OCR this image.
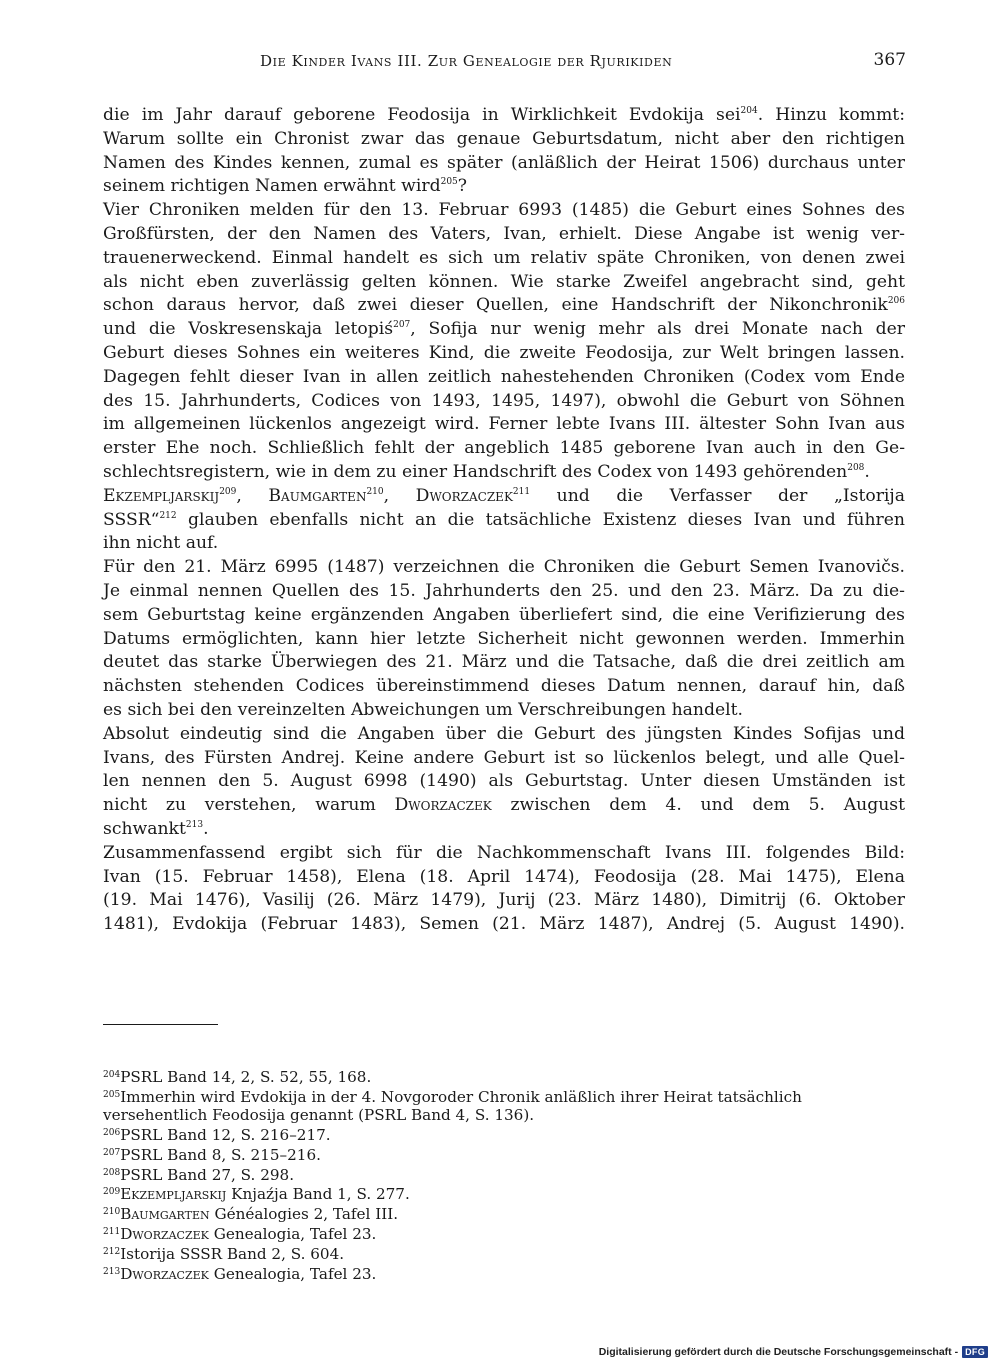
Die Kinder Ivans III. Zur Genealogie der Rjurikiden	367
die im Jahr darauf geborene Feodosija in Wirklichkeit Evdokija sei$^{204}$. Hinzu kommt:
Warum sollte ein Chronist zwar das genaue Geburtsdatum, nicht aber den richtigen
Namen des Kindes kennen, zumal es später (anläßlich der Heirat 1506) durchaus unter
seinem richtigen Namen erwähnt wird$^{205}$?
Vier Chroniken melden für den 13. Februar 6993 (1485) die Geburt eines Sohnes des
Großfürsten, der den Namen des Vaters, Ivan, erhielt. Diese Angabe ist wenig ver-
trauenerweckend. Einmal handelt es sich um relativ späte Chroniken, von denen zwei
als nicht eben zuverlässig gelten können. Wie starke Zweifel angebracht sind, geht
schon daraus hervor, daß zwei dieser Quellen, eine Handschrift der Nikonchronik$^{206}$
und die Voskresenskaja letopiś$^{207}$, Sofija nur wenig mehr als drei Monate nach der
Geburt dieses Sohnes ein weiteres Kind, die zweite Feodosija, zur Welt bringen lassen.
Dagegen fehlt dieser Ivan in allen zeitlich nahestehenden Chroniken (Codex vom Ende
des 15. Jahrhunderts, Codices von 1493, 1495, 1497), obwohl die Geburt von Söhnen
im allgemeinen lückenlos angezeigt wird. Ferner lebte Ivans III. ältester Sohn Ivan aus
erster Ehe noch. Schließlich fehlt der angeblich 1485 geborene Ivan auch in den Ge-
schlechtsregistern, wie in dem zu einer Handschrift des Codex von 1493 gehörenden$^{208}$.
Ekzempljarskij$^{209}$, Baumgarten$^{210}$, Dworzaczek$^{211}$ und die Verfasser der „Istorija
SSSR“$^{212}$ glauben ebenfalls nicht an die tatsächliche Existenz dieses Ivan und führen
ihn nicht auf.
Für den 21. März 6995 (1487) verzeichnen die Chroniken die Geburt Semen Ivanovičs.
Je einmal nennen Quellen des 15. Jahrhunderts den 25. und den 23. März. Da zu die-
sem Geburtstag keine ergänzenden Angaben überliefert sind, die eine Verifizierung des
Datums ermöglichten, kann hier letzte Sicherheit nicht gewonnen werden. Immerhin
deutet das starke Überwiegen des 21. März und die Tatsache, daß die drei zeitlich am
nächsten stehenden Codices übereinstimmend dieses Datum nennen, darauf hin, daß
es sich bei den vereinzelten Abweichungen um Verschreibungen handelt.
Absolut eindeutig sind die Angaben über die Geburt des jüngsten Kindes Sofijas und
Ivans, des Fürsten Andrej. Keine andere Geburt ist so lückenlos belegt, und alle Quel-
len nennen den 5. August 6998 (1490) als Geburtstag. Unter diesen Umständen ist
nicht zu verstehen, warum Dworzaczek zwischen dem 4. und dem 5. August
schwankt$^{213}$.
Zusammenfassend ergibt sich für die Nachkommenschaft Ivans III. folgendes Bild:
Ivan (15. Februar 1458), Elena (18. April 1474), Feodosija (28. Mai 1475), Elena
(19. Mai 1476), Vasilij (26. März 1479), Jurij (23. März 1480), Dimitrij (6. Oktober
1481), Evdokija (Februar 1483), Semen (21. März 1487), Andrej (5. August 1490).
204PSRL Band 14, 2, S. 52, 55, 168.
205Immerhin wird Evdokija in der 4. Novgoroder Chronik anläßlich ihrer Heirat tatsächlich
versehentlich Feodosija genannt (PSRL Band 4, S. 136).
206PSRL Band 12, S. 216–217.
207PSRL Band 8, S. 215–216.
208PSRL Band 27, S. 298.
209Ekzempljarskij Knjaźja Band 1, S. 277.
210Baumgarten Généalogies 2, Tafel III.
211Dworzaczek Genealogia, Tafel 23.
212Istorija SSSR Band 2, S. 604.
213Dworzaczek Genealogia, Tafel 23.
Digitalisierung gefördert durch die Deutsche Forschungsgemeinschaft - DFG
